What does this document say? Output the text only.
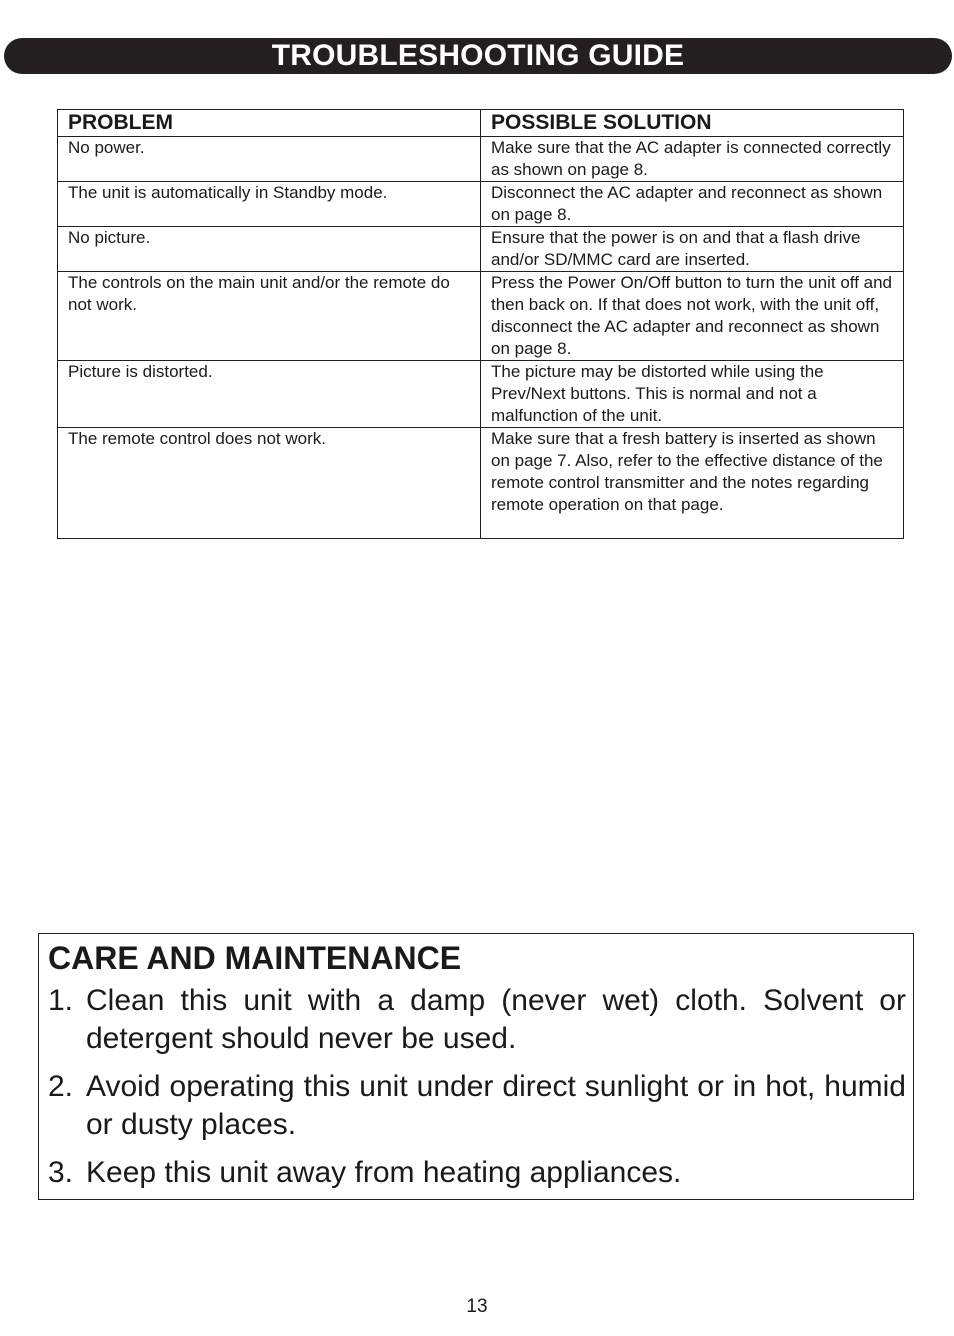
TROUBLESHOOTING GUIDE
PROBLEM	POSSIBLE SOLUTION
No power.	Make sure that the AC adapter is connected correctly as shown on page 8.
The unit is automatically in Standby mode.	Disconnect the AC adapter and reconnect as shown on page 8.
No picture.	Ensure that the power is on and that a flash drive and/or SD/MMC card are inserted.
The controls on the main unit and/or the remote do not work.	Press the Power On/Off button to turn the unit off and then back on. If that does not work, with the unit off, disconnect the AC adapter and reconnect as shown on page 8.
Picture is distorted.	The picture may be distorted while using the Prev/Next buttons. This is normal and not a malfunction of the unit.
The remote control does not work.	Make sure that a fresh battery is inserted as shown on page 7. Also, refer to the effective distance of the remote control transmitter and the notes regarding remote operation on that page.
CARE AND MAINTENANCE
1. Clean this unit with a damp (never wet) cloth. Solvent or detergent should never be used.
2. Avoid operating this unit under direct sunlight or in hot, humid or dusty places.
3. Keep this unit away from heating appliances.
13
